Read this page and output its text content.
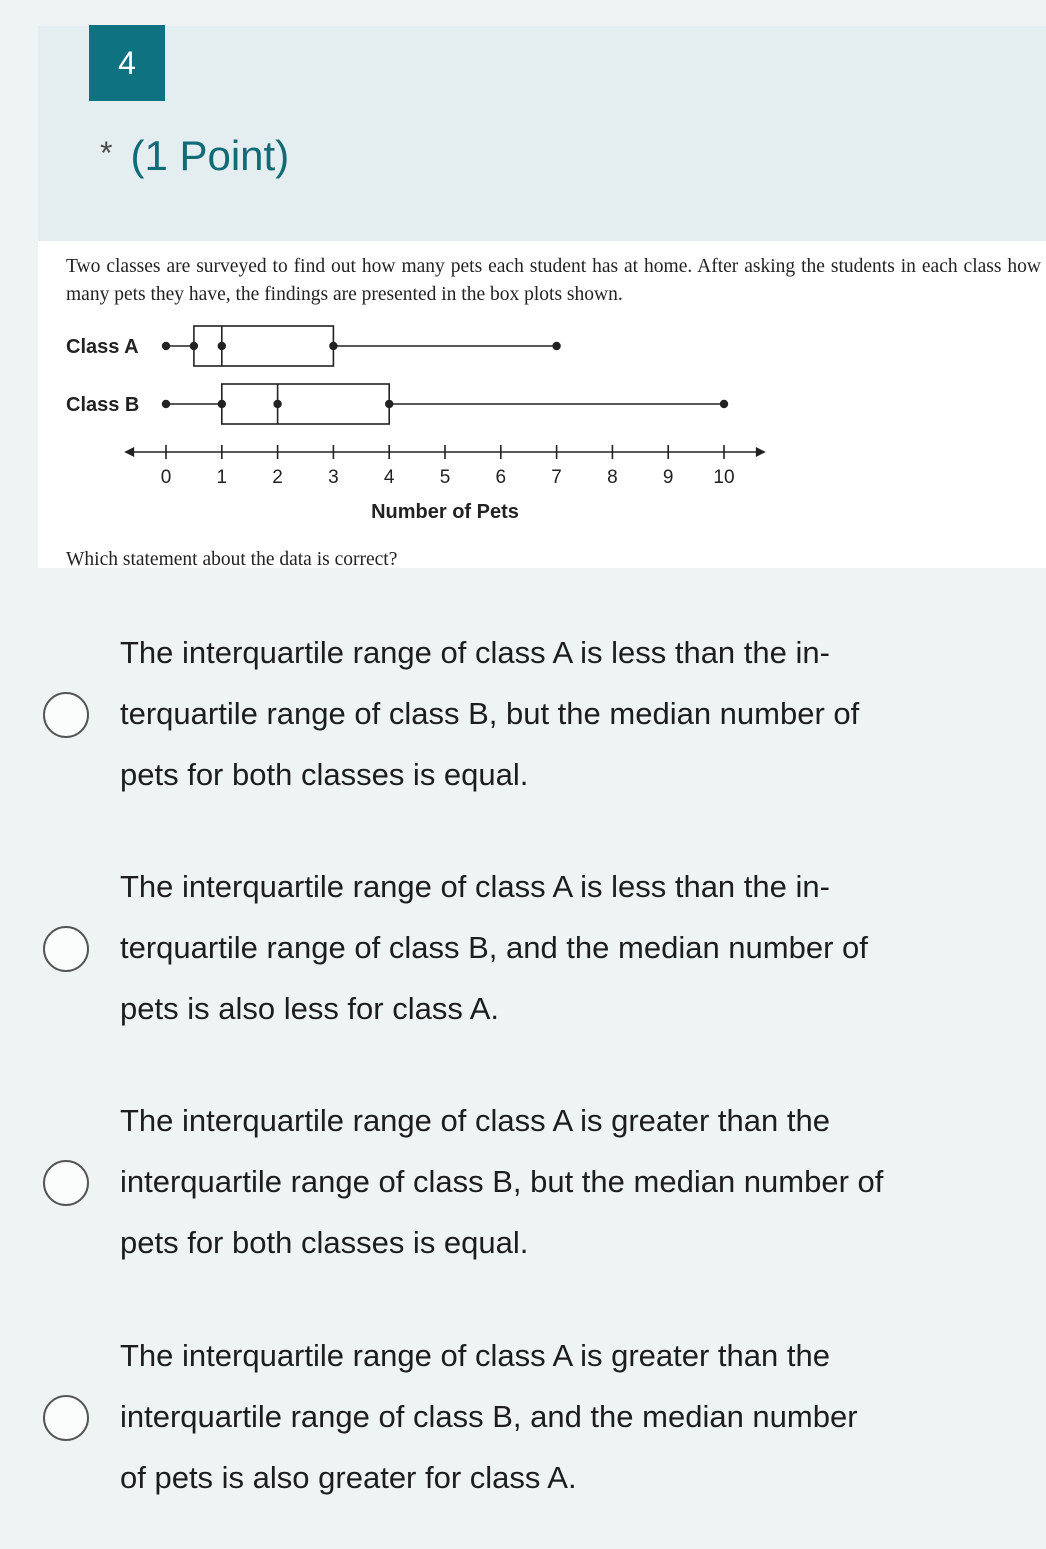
4
* (1 Point)
Two classes are surveyed to find out how many pets each student has at home. After asking the students in each class how many pets they have, the findings are presented in the box plots shown.
Class A
Class B
0 1 2 3 4 5 6 7 8 9 10
Number of Pets
Which statement about the data is correct?
The interquartile range of class A is less than the in-
terquartile range of class B, but the median number of
pets for both classes is equal.
The interquartile range of class A is less than the in-
terquartile range of class B, and the median number of
pets is also less for class A.
The interquartile range of class A is greater than the
interquartile range of class B, but the median number of
pets for both classes is equal.
The interquartile range of class A is greater than the
interquartile range of class B, and the median number
of pets is also greater for class A.
